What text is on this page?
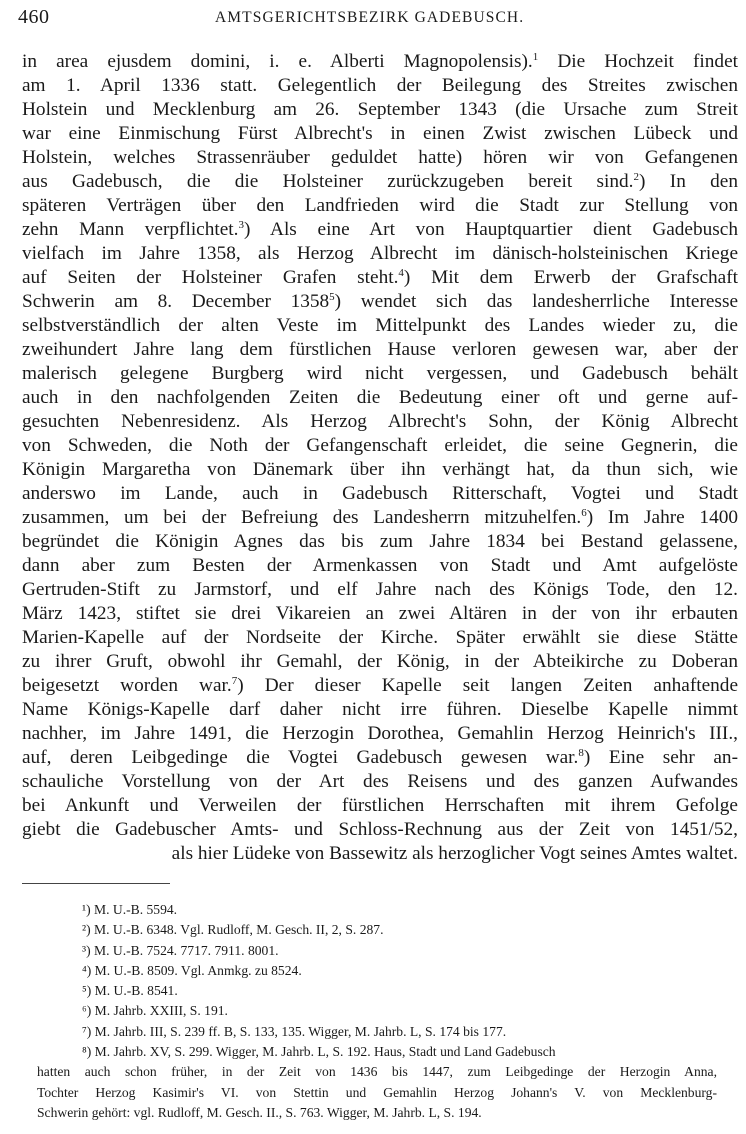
460	AMTSGERICHTSBEZIRK GADEBUSCH.
in area ejusdem domini, i. e. Alberti Magnopolensis).$^1$ Die Hochzeit findet
am 1. April 1336 statt. Gelegentlich der Beilegung des Streites zwischen
Holstein und Mecklenburg am 26. September 1343 (die Ursache zum Streit
war eine Einmischung Fürst Albrecht's in einen Zwist zwischen Lübeck und
Holstein, welches Strassenräuber geduldet hatte) hören wir von Gefangenen
aus Gadebusch, die die Holsteiner zurückzugeben bereit sind.$^2$) In den
späteren Verträgen über den Landfrieden wird die Stadt zur Stellung von
zehn Mann verpflichtet.$^3$) Als eine Art von Hauptquartier dient Gadebusch
vielfach im Jahre 1358, als Herzog Albrecht im dänisch-holsteinischen Kriege
auf Seiten der Holsteiner Grafen steht.$^4$) Mit dem Erwerb der Grafschaft
Schwerin am 8. December 1358$^5$) wendet sich das landesherrliche Interesse
selbstverständlich der alten Veste im Mittelpunkt des Landes wieder zu, die
zweihundert Jahre lang dem fürstlichen Hause verloren gewesen war, aber der
malerisch gelegene Burgberg wird nicht vergessen, und Gadebusch behält
auch in den nachfolgenden Zeiten die Bedeutung einer oft und gerne auf-
gesuchten Nebenresidenz. Als Herzog Albrecht's Sohn, der König Albrecht
von Schweden, die Noth der Gefangenschaft erleidet, die seine Gegnerin, die
Königin Margaretha von Dänemark über ihn verhängt hat, da thun sich, wie
anderswo im Lande, auch in Gadebusch Ritterschaft, Vogtei und Stadt
zusammen, um bei der Befreiung des Landesherrn mitzuhelfen.$^6$) Im Jahre 1400
begründet die Königin Agnes das bis zum Jahre 1834 bei Bestand gelassene,
dann aber zum Besten der Armenkassen von Stadt und Amt aufgelöste
Gertruden-Stift zu Jarmstorf, und elf Jahre nach des Königs Tode, den 12.
März 1423, stiftet sie drei Vikareien an zwei Altären in der von ihr erbauten
Marien-Kapelle auf der Nordseite der Kirche. Später erwählt sie diese Stätte
zu ihrer Gruft, obwohl ihr Gemahl, der König, in der Abteikirche zu Doberan
beigesetzt worden war.$^7$) Der dieser Kapelle seit langen Zeiten anhaftende
Name Königs-Kapelle darf daher nicht irre führen. Dieselbe Kapelle nimmt
nachher, im Jahre 1491, die Herzogin Dorothea, Gemahlin Herzog Heinrich's III.,
auf, deren Leibgedinge die Vogtei Gadebusch gewesen war.$^8$) Eine sehr an-
schauliche Vorstellung von der Art des Reisens und des ganzen Aufwandes
bei Ankunft und Verweilen der fürstlichen Herrschaften mit ihrem Gefolge
giebt die Gadebuscher Amts- und Schloss-Rechnung aus der Zeit von 1451/52,
als hier Lüdeke von Bassewitz als herzoglicher Vogt seines Amtes waltet.
¹) M. U.-B. 5594.
²) M. U.-B. 6348. Vgl. Rudloff, M. Gesch. II, 2, S. 287.
³) M. U.-B. 7524. 7717. 7911. 8001.
⁴) M. U.-B. 8509. Vgl. Anmkg. zu 8524.
⁵) M. U.-B. 8541.
⁶) M. Jahrb. XXIII, S. 191.
⁷) M. Jahrb. III, S. 239 ff. B, S. 133, 135. Wigger, M. Jahrb. L, S. 174 bis 177.
⁸) M. Jahrb. XV, S. 299. Wigger, M. Jahrb. L, S. 192. Haus, Stadt und Land Gadebusch
hatten auch schon früher, in der Zeit von 1436 bis 1447, zum Leibgedinge der Herzogin Anna,
Tochter Herzog Kasimir's VI. von Stettin und Gemahlin Herzog Johann's V. von Mecklenburg-
Schwerin gehört: vgl. Rudloff, M. Gesch. II., S. 763. Wigger, M. Jahrb. L, S. 194.
